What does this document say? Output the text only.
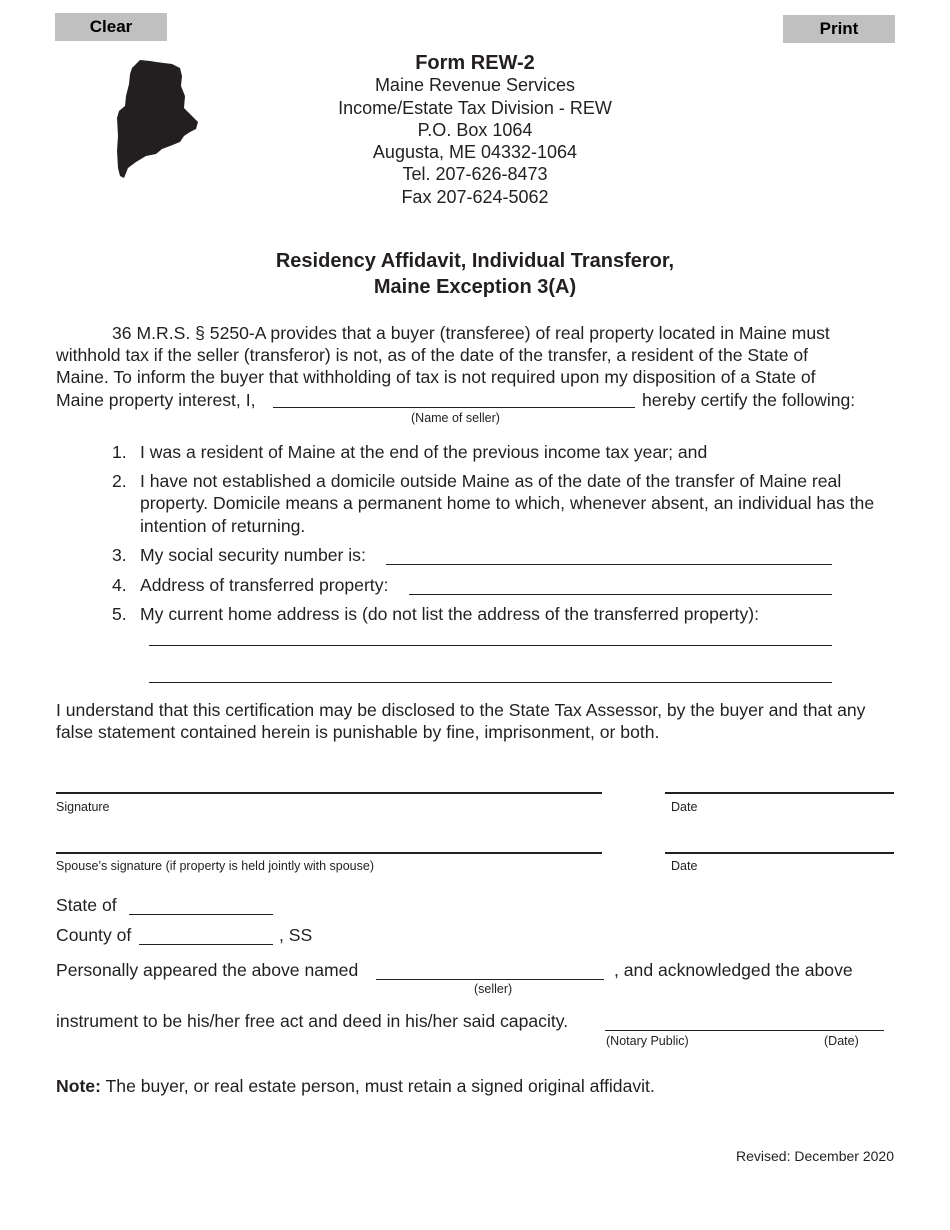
Clear	Print
Form REW-2
Maine Revenue Services
Income/Estate Tax Division - REW
P.O. Box 1064
Augusta, ME 04332-1064
Tel. 207-626-8473
Fax 207-624-5062
Residency Affidavit, Individual Transferor,
Maine Exception 3(A)
36 M.R.S. § 5250-A provides that a buyer (transferee) of real property located in Maine must
withhold tax if the seller (transferor) is not, as of the date of the transfer, a resident of the State of
Maine. To inform the buyer that withholding of tax is not required upon my disposition of a State of
Maine property interest, I,	hereby certify the following:
(Name of seller)
1. I was a resident of Maine at the end of the previous income tax year; and
2. I have not established a domicile outside Maine as of the date of the transfer of Maine real property. Domicile means a permanent home to which, whenever absent, an individual has the intention of returning.
3. My social security number is:
4. Address of transferred property:
5. My current home address is (do not list the address of the transferred property):
I understand that this certification may be disclosed to the State Tax Assessor, by the buyer and that any false statement contained herein is punishable by fine, imprisonment, or both.
Signature	Date
Spouse’s signature (if property is held jointly with spouse)	Date
State of
County of	, SS
Personally appeared the above named	, and acknowledged the above
(seller)
instrument to be his/her free act and deed in his/her said capacity.
(Notary Public)	(Date)
Note: The buyer, or real estate person, must retain a signed original affidavit.
Revised: December 2020
